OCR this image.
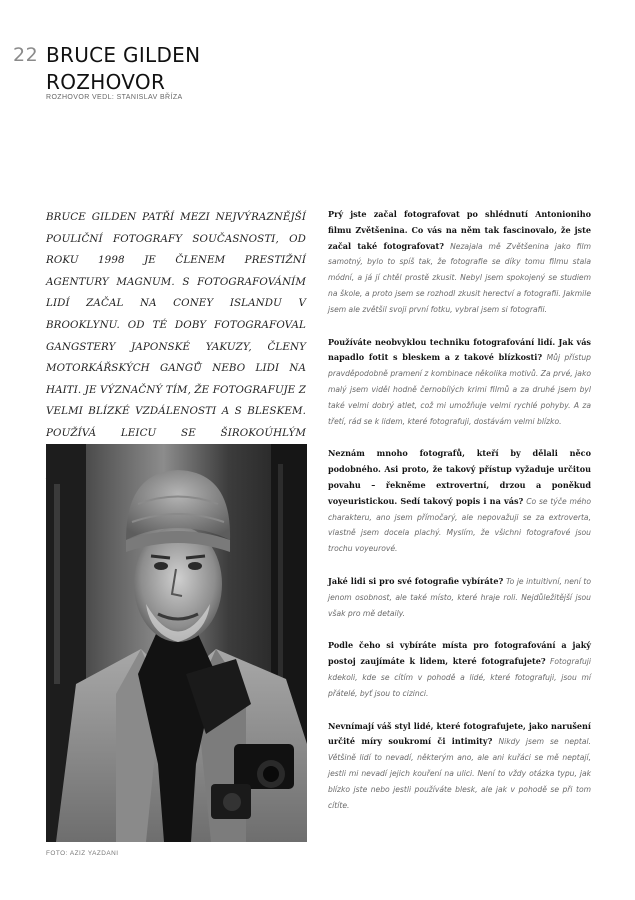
22 BRUCE GILDEN
ROZHOVOR
ROZHOVOR VEDL: STANISLAV BŘÍZA
BRUCE GILDEN PATŘÍ MEZI NEJVÝRAZNĚJŠÍ POULIČNÍ FOTOGRAFY SOUČASNOSTI, OD ROKU 1998 JE ČLENEM PRESTIŽNÍ AGENTURY MAGNUM. S FOTOGRAFOVÁNÍM LIDÍ ZAČAL NA CONEY ISLANDU V BROOKLYNU. OD TÉ DOBY FOTOGRAFOVAL GANGSTERY JAPONSKÉ YAKUZY, ČLENY MOTORKÁŘSKÝCH GANGŮ NEBO LIDI NA HAITI. JE VÝZNAČNÝ TÍM, ŽE FOTOGRAFUJE Z VELMI BLÍZKÉ VZDÁLENOSTI A S BLESKEM. POUŽÍVÁ LEICU SE ŠIROKOÚHLÝM
FOTO: AZIZ YAZDANI

Prý jste začal fotografovat po shlédnutí Antonioniho filmu Zvětšenina. Co vás na něm tak fascinovalo, že jste začal také fotografovat? Nezajala mě Zvětšenina jako film samotný, bylo to spíš tak, že fotografie se díky tomu filmu stala módní, a já jí chtěl prostě zkusit. Nebyl jsem spokojený se studiem na škole, a proto jsem se rozhodl zkusit herectví a fotografii. Jakmile jsem ale zvětšil svoji první fotku, vybral jsem si fotografii.

Používáte neobvyklou techniku fotografování lidí. Jak vás napadlo fotit s bleskem a z takové blízkosti? Můj přístup pravděpodobně pramení z kombinace několika motivů. Za prvé, jako malý jsem viděl hodně černobílých krimi filmů a za druhé jsem byl také velmi dobrý atlet, což mi umožňuje velmi rychlé pohyby. A za třetí, rád se k lidem, které fotografuji, dostávám velmi blízko.

Neznám mnoho fotografů, kteří by dělali něco podobného. Asi proto, že takový přístup vyžaduje určitou povahu – řekněme extrovertní, drzou a poněkud voyeuristickou. Sedí takový popis i na vás? Co se týče mého charakteru, ano jsem přímočarý, ale nepovažuji se za extroverta, vlastně jsem docela plachý. Myslím, že všichni fotografové jsou trochu voyeurové.

Jaké lidi si pro své fotografie vybíráte? To je intuitivní, není to jenom osobnost, ale také místo, které hraje roli. Nejdůležitější jsou však pro mě detaily.

Podle čeho si vybíráte místa pro fotografování a jaký postoj zaujímáte k lidem, které fotografujete? Fotografuji kdekoli, kde se cítím v pohodě a lidé, které fotografuji, jsou mí přátelé, byť jsou to cizinci.

Nevnímají váš styl lidé, které fotografujete, jako narušení určité míry soukromí či intimity? Nikdy jsem se neptal. Většině lidí to nevadí, některým ano, ale ani kuřáci se mě neptají, jestli mi nevadí jejich kouření na ulici. Není to vždy otázka typu, jak blízko jste nebo jestli používáte blesk, ale jak v pohodě se při tom cítíte.
